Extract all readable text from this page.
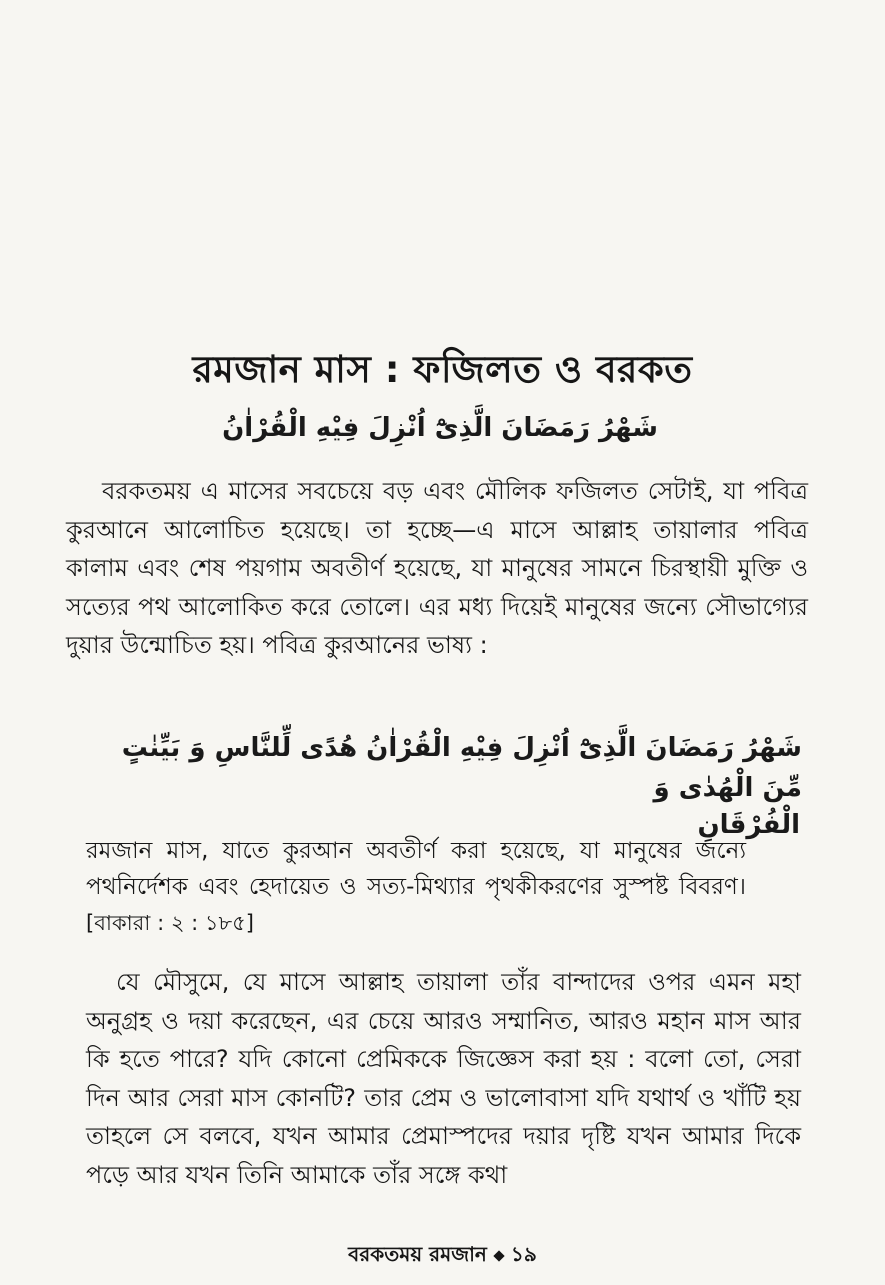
রমজান মাস : ফজিলত ও বরকত
شَهْرُ رَمَضَانَ الَّذِیْٓ اُنْزِلَ فِیْهِ الْقُرْاٰنُ
বরকতময় এ মাসের সবচেয়ে বড় এবং মৌলিক ফজিলত সেটাই, যা পবিত্র কুরআনে আলোচিত হয়েছে। তা হচ্ছে—এ মাসে আল্লাহ তায়ালার পবিত্র কালাম এবং শেষ পয়গাম অবতীর্ণ হয়েছে, যা মানুষের সামনে চিরস্থায়ী মুক্তি ও সত্যের পথ আলোকিত করে তোলে। এর মধ্য দিয়েই মানুষের জন্যে সৌভাগ্যের দুয়ার উন্মোচিত হয়। পবিত্র কুরআনের ভাষ্য :
شَهْرُ رَمَضَانَ الَّذِیْٓ اُنْزِلَ فِیْهِ الْقُرْاٰنُ هُدًی لِّلنَّاسِ وَ بَیِّنٰتٍ مِّنَ الْهُدٰی وَ
الْفُرْقَانِ
রমজান মাস, যাতে কুরআন অবতীর্ণ করা হয়েছে, যা মানুষের জন্যে পথনির্দেশক এবং হেদায়েত ও সত্য-মিথ্যার পৃথকীকরণের সুস্পষ্ট বিবরণ। [বাকারা : ২ : ১৮৫]
যে মৌসুমে, যে মাসে আল্লাহ তায়ালা তাঁর বান্দাদের ওপর এমন মহা অনুগ্রহ ও দয়া করেছেন, এর চেয়ে আরও সম্মানিত, আরও মহান মাস আর কি হতে পারে? যদি কোনো প্রেমিককে জিজ্ঞেস করা হয় : বলো তো, সেরা দিন আর সেরা মাস কোনটি? তার প্রেম ও ভালোবাসা যদি যথার্থ ও খাঁটি হয় তাহলে সে বলবে, যখন আমার প্রেমাস্পদের দয়ার দৃষ্টি যখন আমার দিকে পড়ে আর যখন তিনি আমাকে তাঁর সঙ্গে কথা
বরকতময় রমজান ১৯
